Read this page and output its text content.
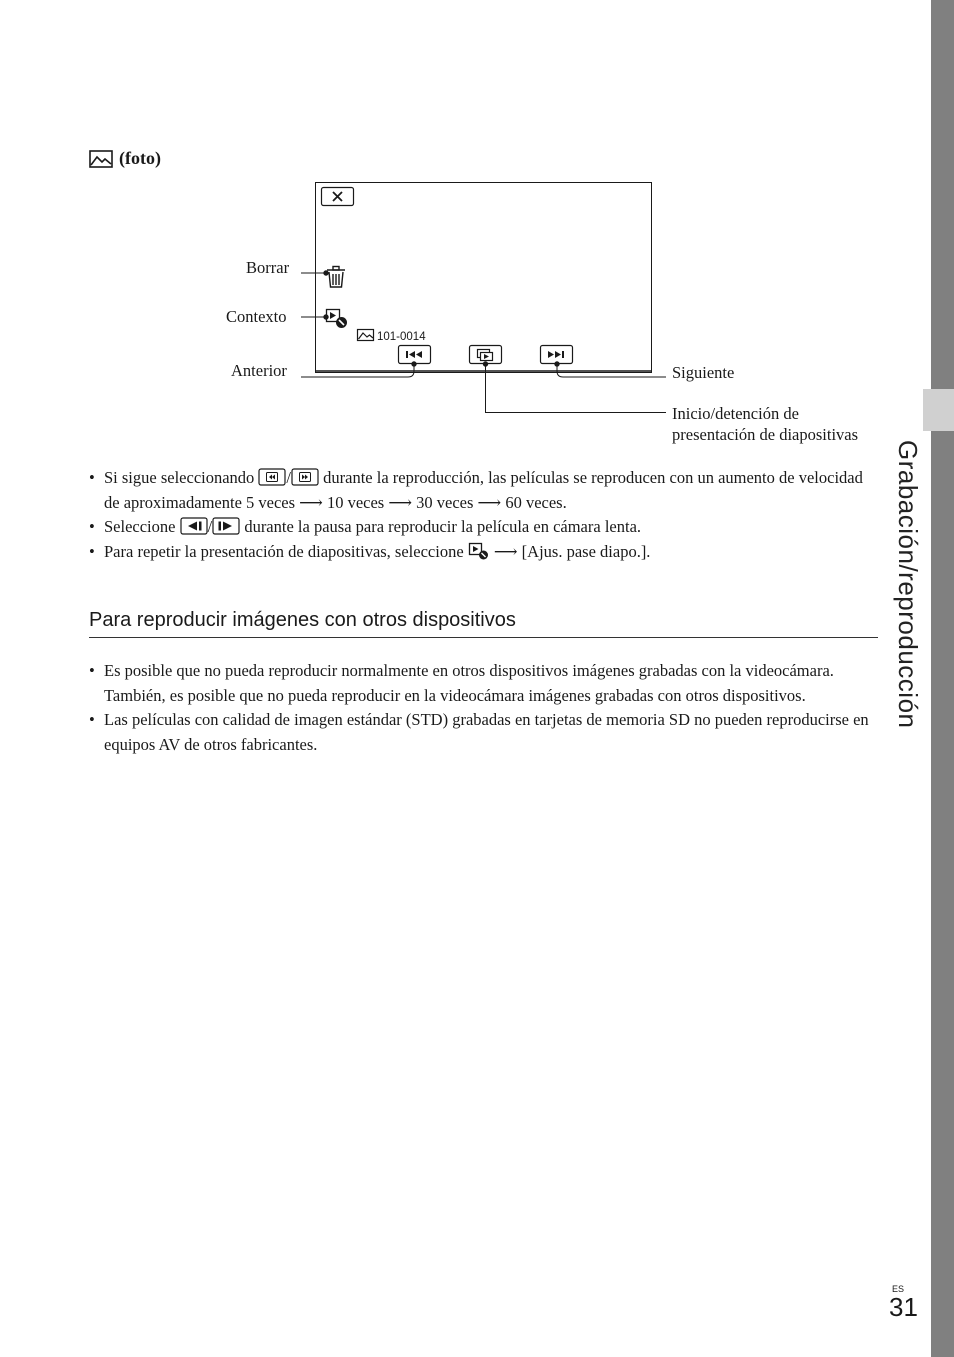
Grabación/reproducción
(foto)
101-0014
Borrar
Contexto
Anterior	Siguiente
Inicio/detención de
presentación de diapositivas
• Si sigue seleccionando / durante la reproducción, las películas se reproducen con un aumento de velocidad de aproximadamente 5 veces ⟶ 10 veces ⟶ 30 veces ⟶ 60 veces.
• Seleccione / durante la pausa para reproducir la película en cámara lenta.
• Para repetir la presentación de diapositivas, seleccione ⟶ [Ajus. pase diapo.].
Para reproducir imágenes con otros dispositivos
• Es posible que no pueda reproducir normalmente en otros dispositivos imágenes grabadas con la videocámara. También, es posible que no pueda reproducir en la videocámara imágenes grabadas con otros dispositivos.
• Las películas con calidad de imagen estándar (STD) grabadas en tarjetas de memoria SD no pueden reproducirse en equipos AV de otros fabricantes.
ES
31
